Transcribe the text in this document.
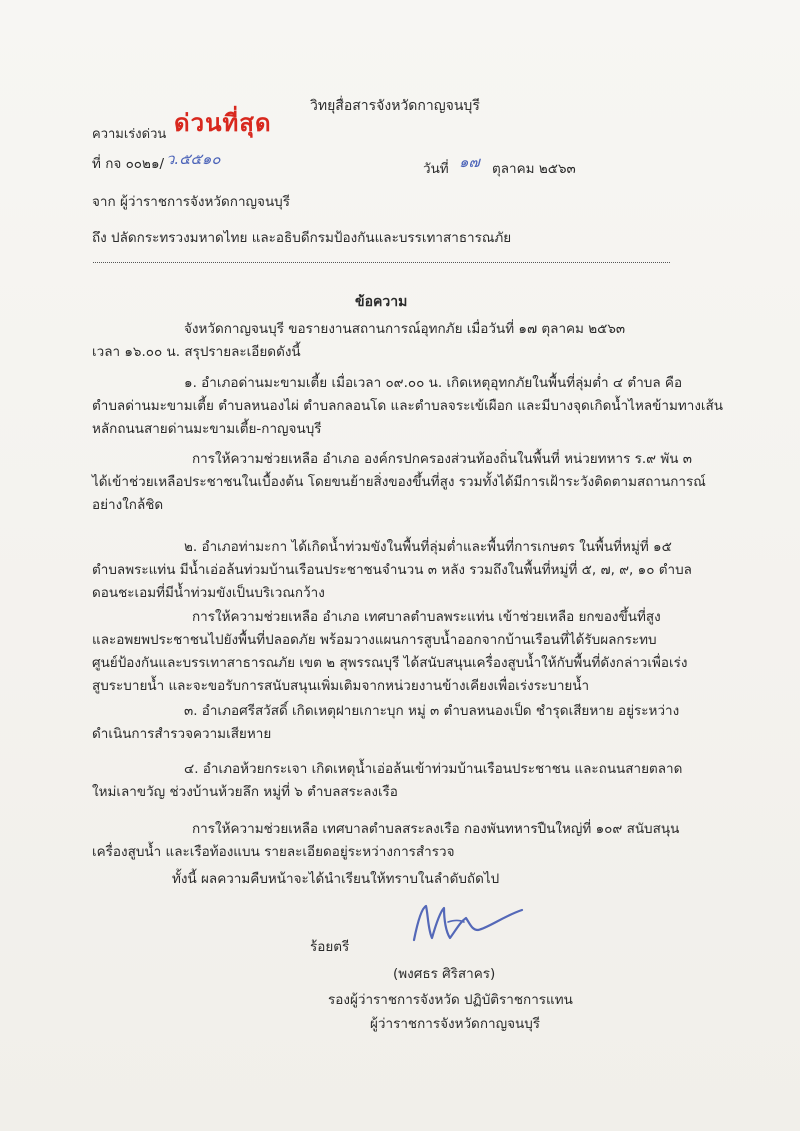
วิทยุสื่อสารจังหวัดกาญจนบุรี
ความเร่งด่วน ด่วนที่สุด
ที่ กจ ๐๐๒๑/ ว.๕๕๑๐
วันที่ ๑๗ ตุลาคม ๒๕๖๓
จาก ผู้ว่าราชการจังหวัดกาญจนบุรี
ถึง ปลัดกระทรวงมหาดไทย และอธิบดีกรมป้องกันและบรรเทาสาธารณภัย
ข้อความ
จังหวัดกาญจนบุรี ขอรายงานสถานการณ์อุทกภัย เมื่อวันที่ ๑๗ ตุลาคม ๒๕๖๓
เวลา ๑๖.๐๐ น. สรุปรายละเอียดดังนี้
๑. อำเภอด่านมะขามเตี้ย เมื่อเวลา ๐๙.๐๐ น. เกิดเหตุอุทกภัยในพื้นที่ลุ่มต่ำ ๔ ตำบล คือ
ตำบลด่านมะขามเตี้ย ตำบลหนองไผ่ ตำบลกลอนโด และตำบลจระเข้เผือก และมีบางจุดเกิดน้ำไหลข้ามทางเส้น
หลักถนนสายด่านมะขามเตี้ย-กาญจนบุรี
การให้ความช่วยเหลือ อำเภอ องค์กรปกครองส่วนท้องถิ่นในพื้นที่ หน่วยทหาร ร.๙ พัน ๓
ได้เข้าช่วยเหลือประชาชนในเบื้องต้น โดยขนย้ายสิ่งของขึ้นที่สูง รวมทั้งได้มีการเฝ้าระวังติดตามสถานการณ์
อย่างใกล้ชิด
๒. อำเภอท่ามะกา ได้เกิดน้ำท่วมขังในพื้นที่ลุ่มต่ำและพื้นที่การเกษตร ในพื้นที่หมู่ที่ ๑๕
ตำบลพระแท่น มีน้ำเอ่อล้นท่วมบ้านเรือนประชาชนจำนวน ๓ หลัง รวมถึงในพื้นที่หมู่ที่ ๕, ๗, ๙, ๑๐ ตำบล
ดอนชะเอมที่มีน้ำท่วมขังเป็นบริเวณกว้าง
การให้ความช่วยเหลือ อำเภอ เทศบาลตำบลพระแท่น เข้าช่วยเหลือ ยกของขึ้นที่สูง
และอพยพประชาชนไปยังพื้นที่ปลอดภัย พร้อมวางแผนการสูบน้ำออกจากบ้านเรือนที่ได้รับผลกระทบ
ศูนย์ป้องกันและบรรเทาสาธารณภัย เขต ๒ สุพรรณบุรี ได้สนับสนุนเครื่องสูบน้ำให้กับพื้นที่ดังกล่าวเพื่อเร่ง
สูบระบายน้ำ และจะขอรับการสนับสนุนเพิ่มเติมจากหน่วยงานข้างเคียงเพื่อเร่งระบายน้ำ
๓. อำเภอศรีสวัสดิ์ เกิดเหตุฝายเกาะบุก หมู่ ๓ ตำบลหนองเป็ด ชำรุดเสียหาย อยู่ระหว่าง
ดำเนินการสำรวจความเสียหาย
๔. อำเภอห้วยกระเจา เกิดเหตุน้ำเอ่อล้นเข้าท่วมบ้านเรือนประชาชน และถนนสายตลาด
ใหม่เลาขวัญ ช่วงบ้านห้วยลึก หมู่ที่ ๖ ตำบลสระลงเรือ
การให้ความช่วยเหลือ เทศบาลตำบลสระลงเรือ กองพันทหารปืนใหญ่ที่ ๑๐๙ สนับสนุน
เครื่องสูบน้ำ และเรือท้องแบน รายละเอียดอยู่ระหว่างการสำรวจ
ทั้งนี้ ผลความคืบหน้าจะได้นำเรียนให้ทราบในลำดับถัดไป
ร้อยตรี
(พงศธร ศิริสาคร)
รองผู้ว่าราชการจังหวัด ปฏิบัติราชการแทน
ผู้ว่าราชการจังหวัดกาญจนบุรี
